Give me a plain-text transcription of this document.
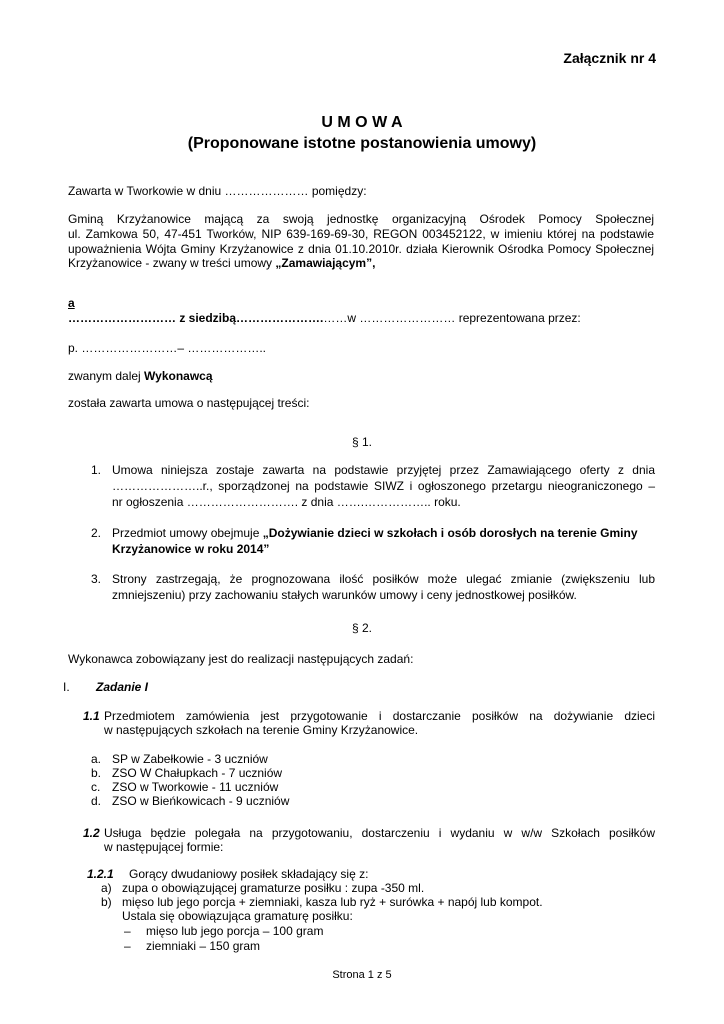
Załącznik nr 4
U M O W A
(Proponowane istotne postanowienia umowy)
Zawarta w Tworkowie w dniu ………………… pomiędzy:
Gminą Krzyżanowice mającą za swoją jednostkę organizacyjną Ośrodek Pomocy Społecznej
ul. Zamkowa 50, 47-451 Tworków, NIP 639-169-69-30, REGON 003452122, w imieniu której na podstawie
upoważnienia Wójta Gminy Krzyżanowice z dnia 01.10.2010r. działa Kierownik Ośrodka Pomocy Społecznej
Krzyżanowice - zwany w treści umowy „Zamawiającym”,
a
……………………… z siedzibą………………….……w …………………… reprezentowana przez:
p. ……………………– ………………..
zwanym dalej Wykonawcą
została zawarta umowa o następującej treści:
§ 1.
1. Umowa niniejsza zostaje zawarta na podstawie przyjętej przez Zamawiającego oferty z dnia
…………………..r., sporządzonej na podstawie SIWZ i ogłoszonego przetargu nieograniczonego –
nr ogłoszenia ………………………. z dnia …….…………….. roku.
2. Przedmiot umowy obejmuje „Dożywianie dzieci w szkołach i osób dorosłych na terenie Gminy
Krzyżanowice w roku 2014”
3. Strony zastrzegają, że prognozowana ilość posiłków może ulegać zmianie (zwiększeniu lub
zmniejszeniu) przy zachowaniu stałych warunków umowy i ceny jednostkowej posiłków.
§ 2.
Wykonawca zobowiązany jest do realizacji następujących zadań:
I. Zadanie I
1.1 Przedmiotem zamówienia jest przygotowanie i dostarczanie posiłków na dożywianie dzieci
w następujących szkołach na terenie Gminy Krzyżanowice.
a. SP w Zabełkowie - 3 uczniów
b. ZSO W Chałupkach - 7 uczniów
c. ZSO w Tworkowie - 11 uczniów
d. ZSO w Bieńkowicach - 9 uczniów
1.2 Usługa będzie polegała na przygotowaniu, dostarczeniu i wydaniu w w/w Szkołach posiłków
w następującej formie:
1.2.1 Gorący dwudaniowy posiłek składający się z:
a) zupa o obowiązującej gramaturze posiłku : zupa -350 ml.
b) mięso lub jego porcja + ziemniaki, kasza lub ryż + surówka + napój lub kompot.
Ustala się obowiązująca gramaturę posiłku:
– mięso lub jego porcja – 100 gram
– ziemniaki – 150 gram
Strona 1 z 5
